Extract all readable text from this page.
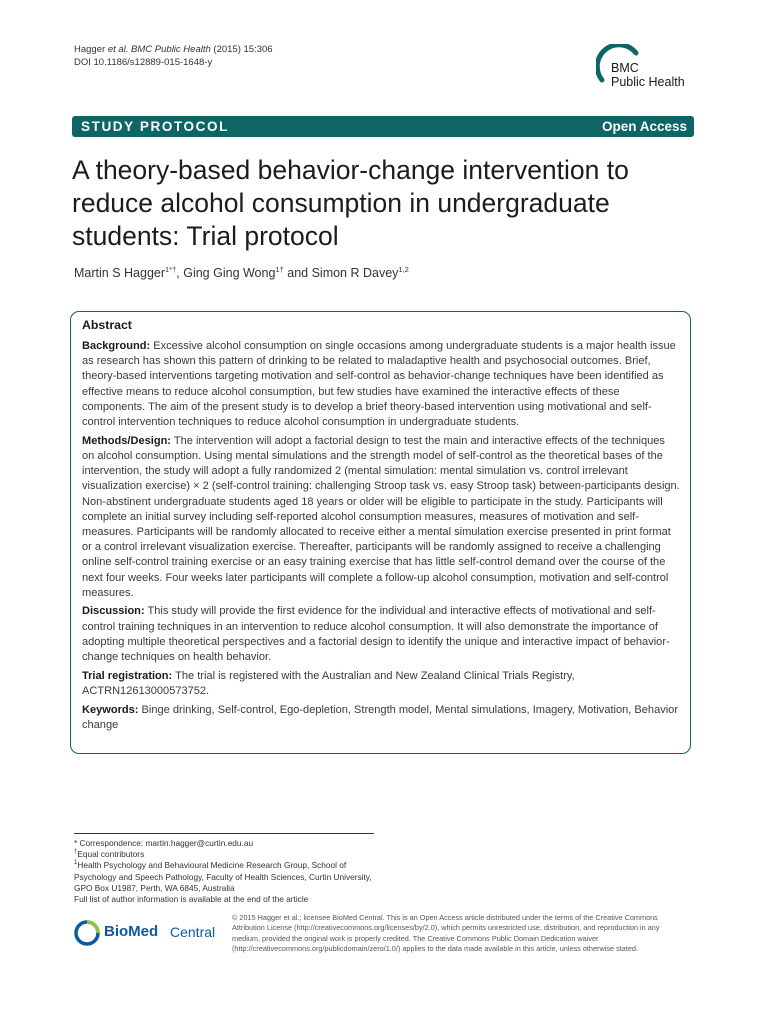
Hagger et al. BMC Public Health (2015) 15:306
DOI 10.1186/s12889-015-1648-y	BMC
Public Health
STUDY PROTOCOL	Open Access
A theory-based behavior-change intervention to reduce alcohol consumption in undergraduate students: Trial protocol
Martin S Hagger$^{1*\dagger}$, Ging Ging Wong$^{1\dagger}$ and Simon R Davey$^{1,2}$
Abstract
Background: Excessive alcohol consumption on single occasions among undergraduate students is a major health issue as research has shown this pattern of drinking to be related to maladaptive health and psychosocial outcomes. Brief, theory-based interventions targeting motivation and self-control as behavior-change techniques have been identified as effective means to reduce alcohol consumption, but few studies have examined the interactive effects of these components. The aim of the present study is to develop a brief theory-based intervention using motivational and self-control intervention techniques to reduce alcohol consumption in undergraduate students.
Methods/Design: The intervention will adopt a factorial design to test the main and interactive effects of the techniques on alcohol consumption. Using mental simulations and the strength model of self-control as the theoretical bases of the intervention, the study will adopt a fully randomized 2 (mental simulation: mental simulation vs. control irrelevant visualization exercise) × 2 (self-control training: challenging Stroop task vs. easy Stroop task) between-participants design. Non-abstinent undergraduate students aged 18 years or older will be eligible to participate in the study. Participants will complete an initial survey including self-reported alcohol consumption measures, measures of motivation and self- measures. Participants will be randomly allocated to receive either a mental simulation exercise presented in print format or a control irrelevant visualization exercise. Thereafter, participants will be randomly assigned to receive a challenging online self-control training exercise or an easy training exercise that has little self-control demand over the course of the next four weeks. Four weeks later participants will complete a follow-up alcohol consumption, motivation and self-control measures.
Discussion: This study will provide the first evidence for the individual and interactive effects of motivational and self-control training techniques in an intervention to reduce alcohol consumption. It will also demonstrate the importance of adopting multiple theoretical perspectives and a factorial design to identify the unique and interactive impact of behavior-change techniques on health behavior.
Trial registration: The trial is registered with the Australian and New Zealand Clinical Trials Registry, ACTRN12613000573752.
Keywords: Binge drinking, Self-control, Ego-depletion, Strength model, Mental simulations, Imagery, Motivation, Behavior change
* Correspondence: martin.hagger@curtin.edu.au
†Equal contributors
$^1$Health Psychology and Behavioural Medicine Research Group, School of Psychology and Speech Pathology, Faculty of Health Sciences, Curtin University, GPO Box U1987, Perth, WA 6845, Australia
Full list of author information is available at the end of the article
BioMed Central
© 2015 Hagger et al.; licensee BioMed Central. This is an Open Access article distributed under the terms of the Creative Commons Attribution License (http://creativecommons.org/licenses/by/2.0), which permits unrestricted use, distribution, and reproduction in any medium, provided the original work is properly credited. The Creative Commons Public Domain Dedication waiver (http://creativecommons.org/publicdomain/zero/1.0/) applies to the data made available in this article, unless otherwise stated.
